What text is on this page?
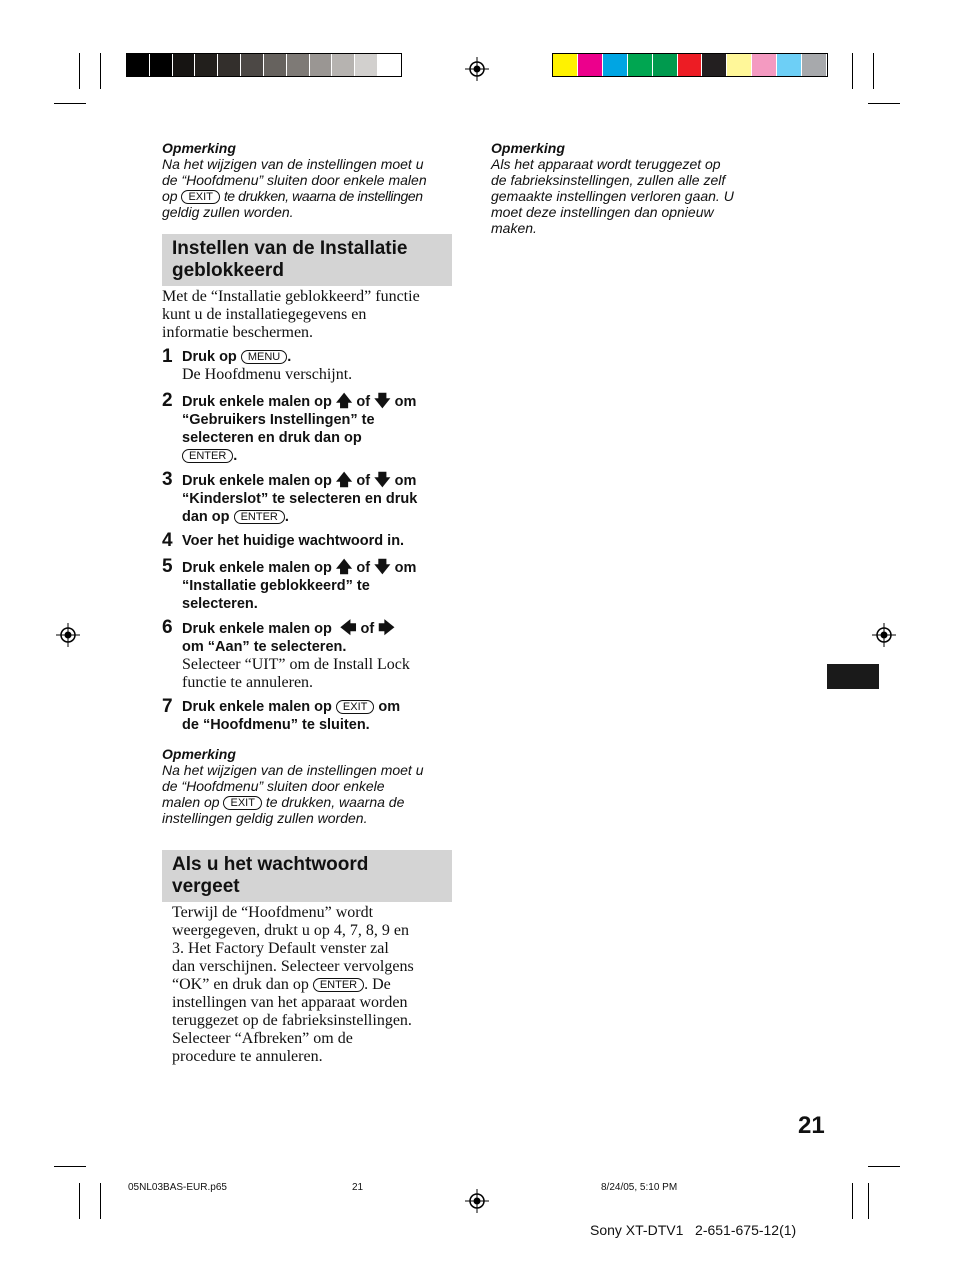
Opmerking
Na het wijzigen van de instellingen moet u
de “Hoofdmenu” sluiten door enkele malen
op EXIT te drukken, waarna de instellingen
geldig zullen worden.
Instellen van de Installatie
geblokkeerd
Met de “Installatie geblokkeerd” functie
kunt u de installatiegegevens en
informatie beschermen.
1 Druk op MENU .
De Hoofdmenu verschijnt.
2 Druk enkele malen op 🡅 of 🡇 om
“Gebruikers Instellingen” te
selecteren en druk dan op
ENTER .
3 Druk enkele malen op 🡅 of 🡇 om
“Kinderslot” te selecteren en druk
dan op ENTER .
4 Voer het huidige wachtwoord in.
5 Druk enkele malen op 🡅 of 🡇 om
“Installatie geblokkeerd” te
selecteren.
6 Druk enkele malen op 🡄 of 🡆
om “Aan” te selecteren.
Selecteer “UIT” om de Install Lock
functie te annuleren.
7 Druk enkele malen op EXIT om
de “Hoofdmenu” te sluiten.
Opmerking
Na het wijzigen van de instellingen moet u
de “Hoofdmenu” sluiten door enkele
malen op EXIT te drukken, waarna de
instellingen geldig zullen worden.
Als u het wachtwoord
vergeet
Terwijl de “Hoofdmenu” wordt
weergegeven, drukt u op 4, 7, 8, 9 en
3. Het Factory Default venster zal
dan verschijnen. Selecteer vervolgens
“OK” en druk dan op ENTER . De
instellingen van het apparaat worden
teruggezet op de fabrieksinstellingen.
Selecteer “Afbreken” om de
procedure te annuleren.
Opmerking
Als het apparaat wordt teruggezet op
de fabrieksinstellingen, zullen alle zelf
gemaakte instellingen verloren gaan. U
moet deze instellingen dan opnieuw
maken.
21
05NL03BAS-EUR.p65	21	8/24/05, 5:10 PM
Sony XT-DTV1   2-651-675-12(1)
